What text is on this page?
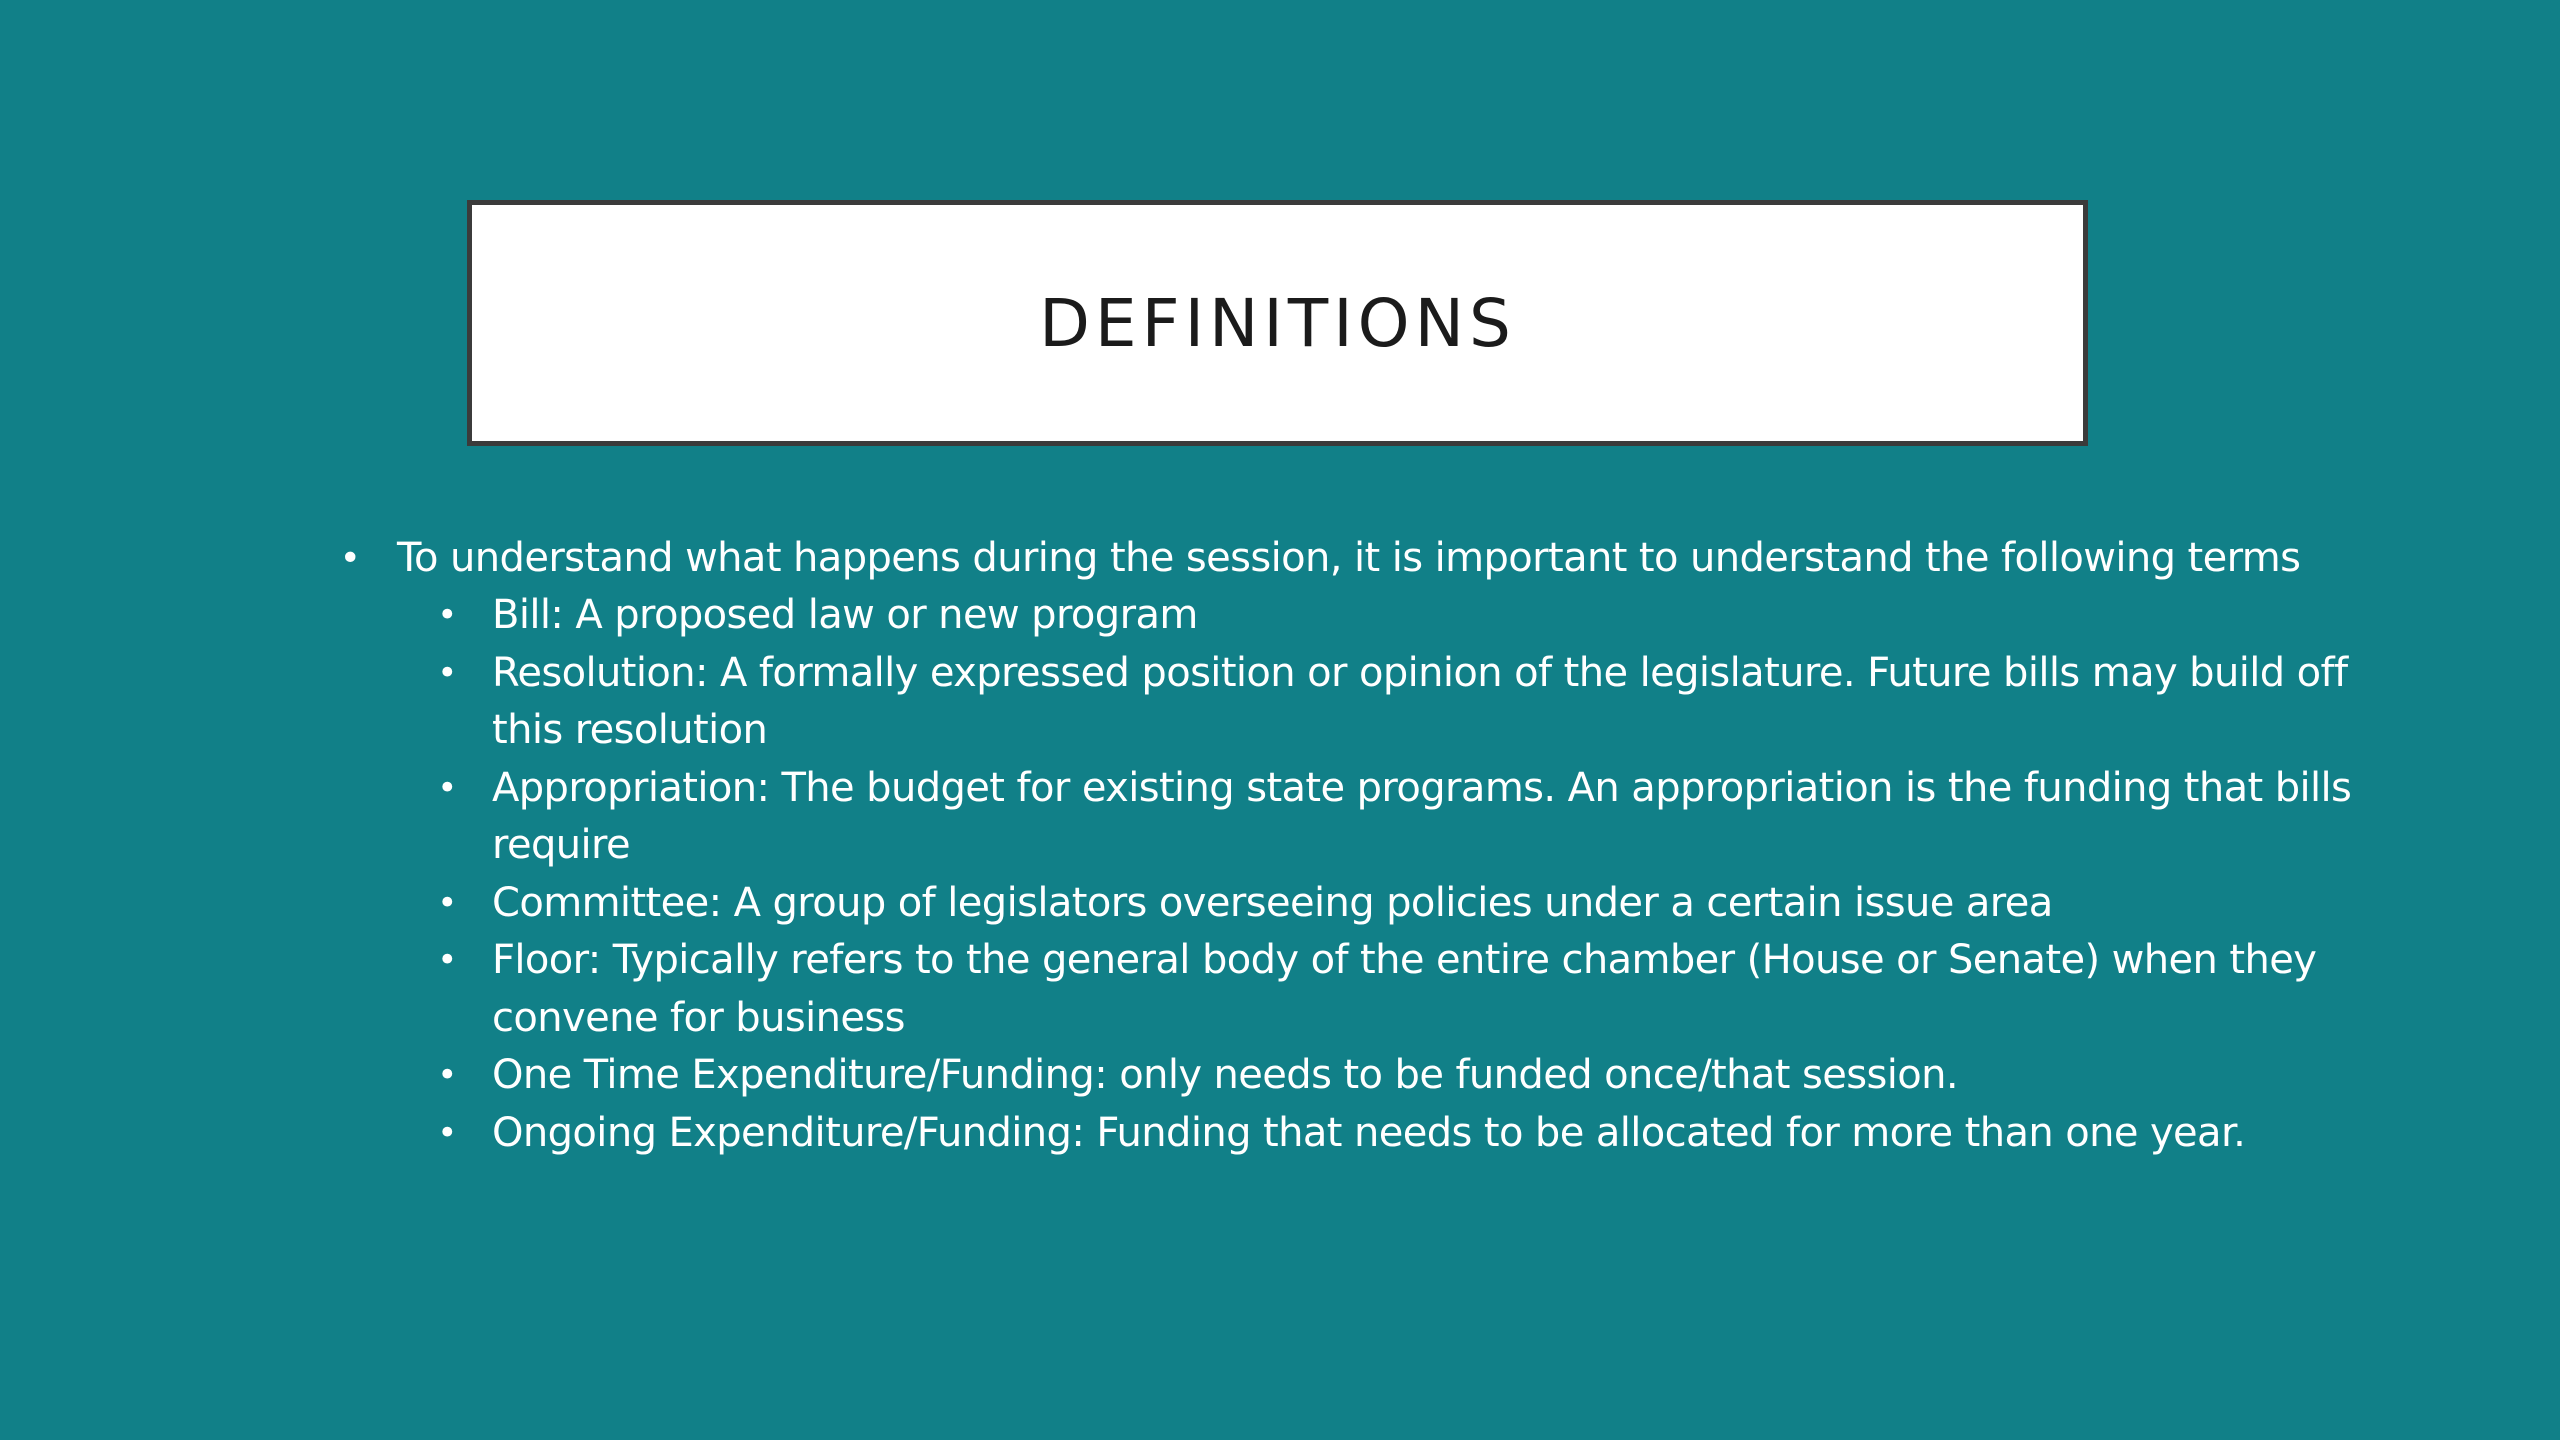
DEFINITIONS
• To understand what happens during the session, it is important to understand the following terms
• Bill: A proposed law or new program
• Resolution: A formally expressed position or opinion of the legislature. Future bills may build off this resolution
• Appropriation: The budget for existing state programs. An appropriation is the funding that bills require
• Committee: A group of legislators overseeing policies under a certain issue area
• Floor: Typically refers to the general body of the entire chamber (House or Senate) when they convene for business
• One Time Expenditure/Funding: only needs to be funded once/that session.
• Ongoing Expenditure/Funding: Funding that needs to be allocated for more than one year.
